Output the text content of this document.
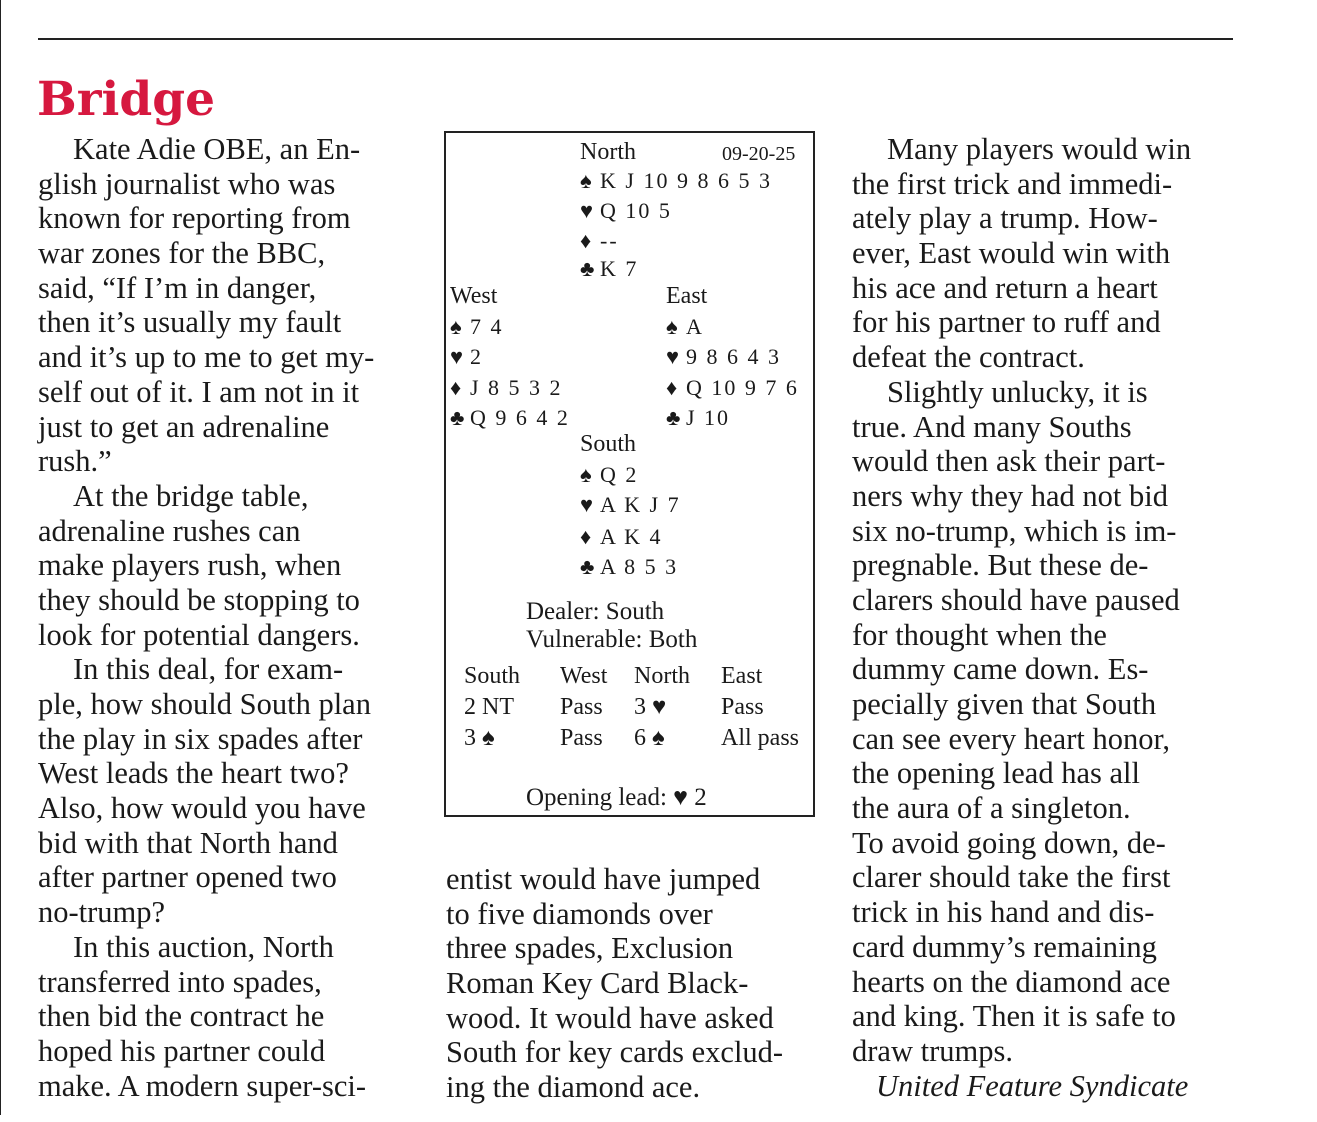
Bridge
Kate Adie OBE, an En-
glish journalist who was
known for reporting from
war zones for the BBC,
said, “If I’m in danger,
then it’s usually my fault
and it’s up to me to get my-
self out of it. I am not in it
just to get an adrenaline
rush.”
At the bridge table,
adrenaline rushes can
make players rush, when
they should be stopping to
look for potential dangers.
In this deal, for exam-
ple, how should South plan
the play in six spades after
West leads the heart two?
Also, how would you have
bid with that North hand
after partner opened two
no-trump?
In this auction, North
transferred into spades,
then bid the contract he
hoped his partner could
make. A modern super-sci-
North	09-20-25
♠ K J 10 9 8 6 5 3
♥ Q 10 5
♦ --
♣ K 7
West
♠ 7 4
♥ 2
♦ J 8 5 3 2
♣ Q 9 6 4 2
East
♠ A
♥ 9 8 6 4 3
♦ Q 10 9 7 6
♣ J 10
South
♠ Q 2
♥ A K J 7
♦ A K 4
♣ A 8 5 3
Dealer: South
Vulnerable: Both
South West North East
2 NT Pass 3 ♥ Pass
3 ♠	Pass 6 ♠ All pass
Opening lead: ♥ 2
entist would have jumped
to five diamonds over
three spades, Exclusion
Roman Key Card Black-
wood. It would have asked
South for key cards exclud-
ing the diamond ace.
Many players would win
the first trick and immedi-
ately play a trump. How-
ever, East would win with
his ace and return a heart
for his partner to ruff and
defeat the contract.
Slightly unlucky, it is
true. And many Souths
would then ask their part-
ners why they had not bid
six no-trump, which is im-
pregnable. But these de-
clarers should have paused
for thought when the
dummy came down. Es-
pecially given that South
can see every heart honor,
the opening lead has all
the aura of a singleton.
To avoid going down, de-
clarer should take the first
trick in his hand and dis-
card dummy’s remaining
hearts on the diamond ace
and king. Then it is safe to
draw trumps.
United Feature Syndicate
